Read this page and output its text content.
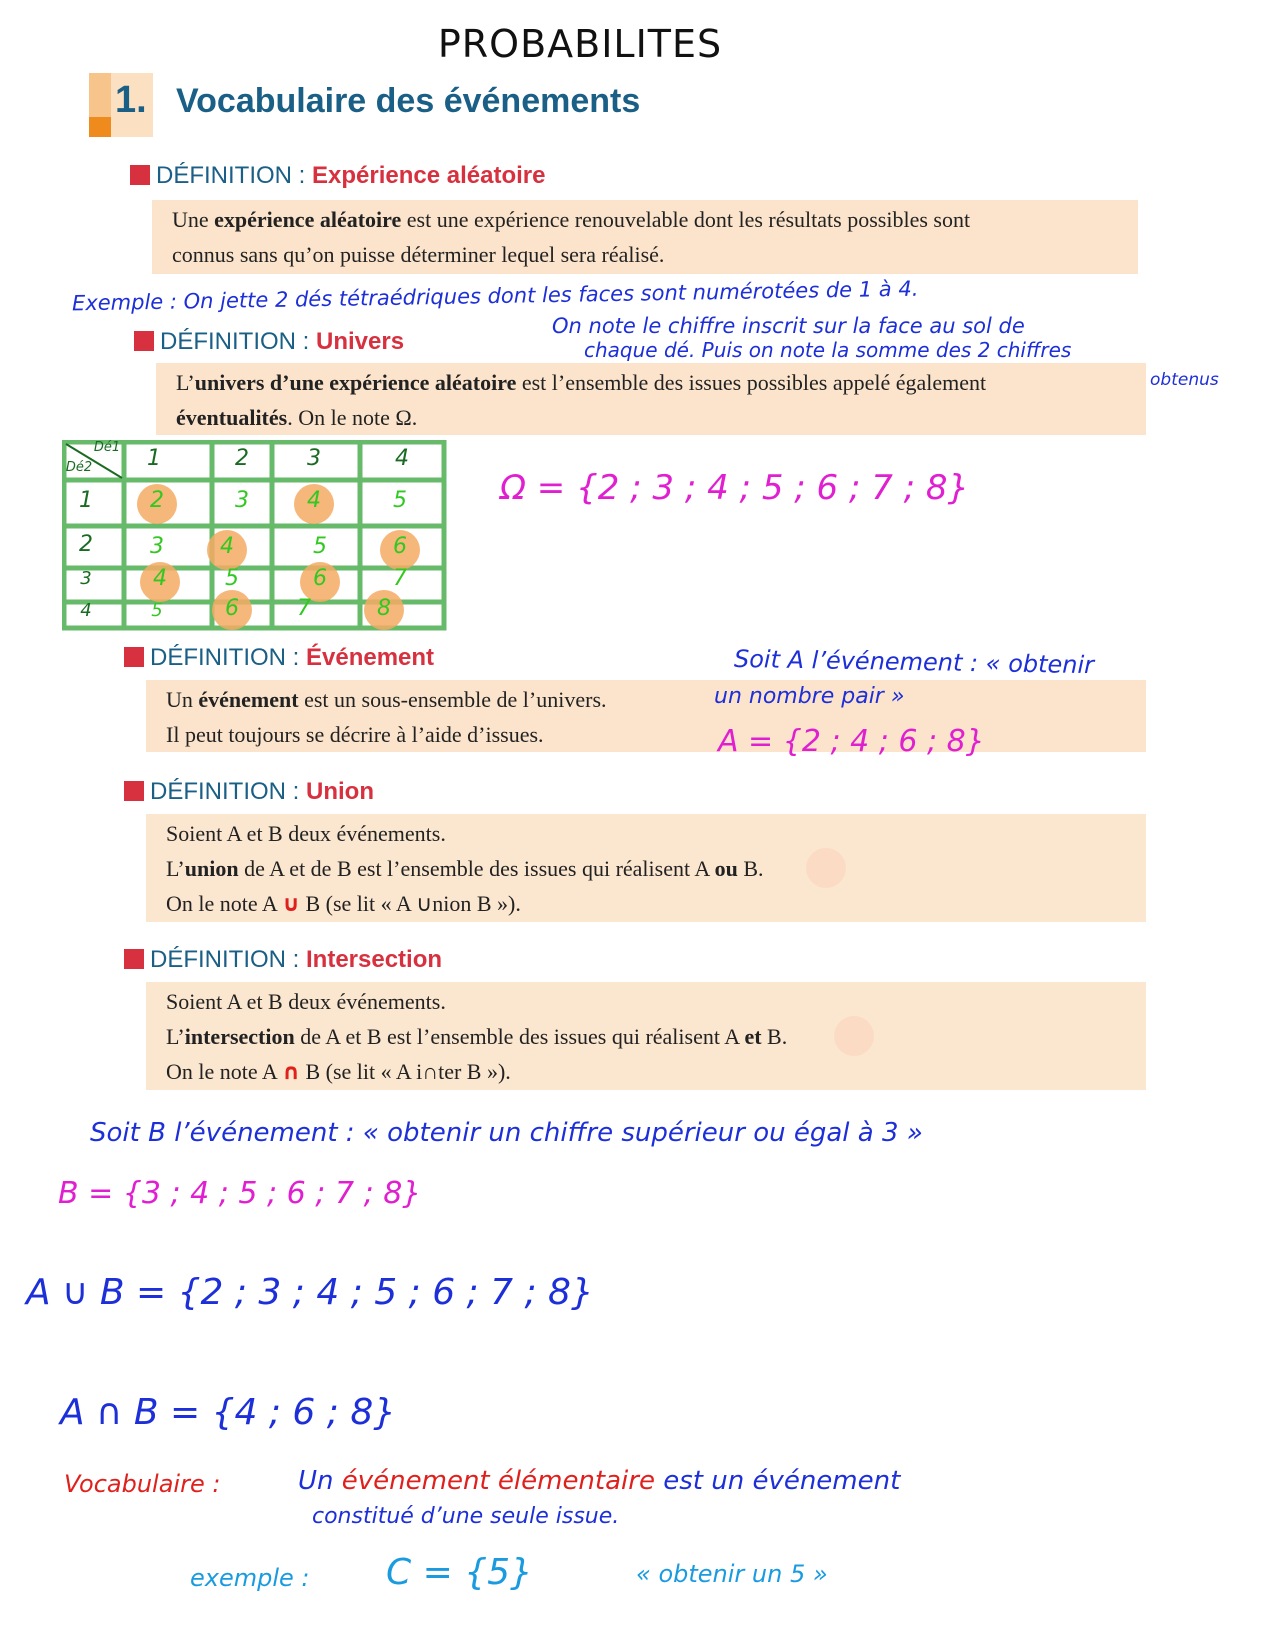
PROBABILITES
1. Vocabulaire des événements
DÉFINITION : Expérience aléatoire
Une expérience aléatoire est une expérience renouvelable dont les résultats possibles sont
connus sans qu’on puisse déterminer lequel sera réalisé.
Exemple : On jette 2 dés tétraédriques dont les faces sont numérotées de 1 à 4.
On note le chiffre inscrit sur la face au sol de
chaque dé. Puis on note la somme des 2 chiffres
obtenus
DÉFINITION : Univers
L’univers d’une expérience aléatoire est l’ensemble des issues possibles appelé également
éventualités. On le note Ω.
Dé1
Dé2	1	2	3	4
1	2	3	4	5
2	3	4	5	6
3	4	5	6	7
4	5	6	7	8
Ω = {2 ; 3 ; 4 ; 5 ; 6 ; 7 ; 8}
DÉFINITION : Événement
Un événement est un sous-ensemble de l’univers.
Il peut toujours se décrire à l’aide d’issues.
Soit A l’événement : « obtenir
un nombre pair »
A = {2 ; 4 ; 6 ; 8}
DÉFINITION : Union
Soient A et B deux événements.
L’union de A et de B est l’ensemble des issues qui réalisent A ou B.
On le note A ∪ B (se lit « A ∪nion B »).
DÉFINITION : Intersection
Soient A et B deux événements.
L’intersection de A et B est l’ensemble des issues qui réalisent A et B.
On le note A ∩ B (se lit « A i∩ter B »).
Soit B l’événement : « obtenir un chiffre supérieur ou égal à 3 »
B = {3 ; 4 ; 5 ; 6 ; 7 ; 8}
A ∪ B = {2 ; 3 ; 4 ; 5 ; 6 ; 7 ; 8}
A ∩ B = {4 ; 6 ; 8}
Vocabulaire :	Un événement élémentaire est un événement
constitué d’une seule issue.
exemple : C = {5}	« obtenir un 5 »
